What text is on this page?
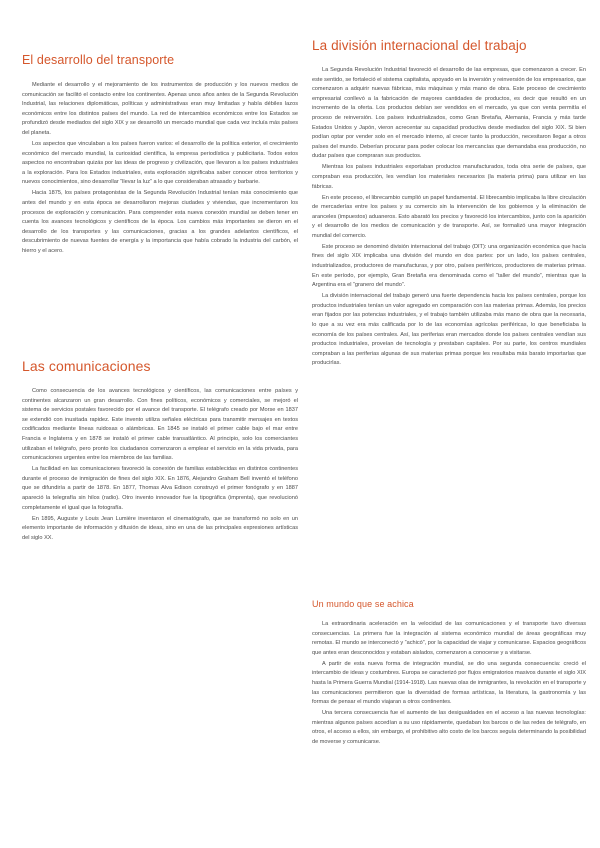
El desarrollo del transporte

Mediante el desarrollo y el mejoramiento de los instrumentos de producción y los nuevos medios de comunicación se facilitó el contacto entre los continentes. Apenas unos años antes de la Segunda Revolución Industrial, las relaciones diplomáticas, políticas y administrativas eran muy limitadas y había débiles lazos económicos entre los distintos países del mundo. La red de intercambios económicos entre los Estados se profundizó desde mediados del siglo XIX y se desarrolló un mercado mundial que cada vez incluía más países del planeta.

Los aspectos que vinculaban a los países fueron varios: el desarrollo de la política exterior, el crecimiento económico del mercado mundial, la curiosidad científica, la empresa periodística y publicitaria. Todos estos aspectos no encontraban quizás por las ideas de progreso y civilización, que llevaron a los países industriales a la exploración. Para los Estados industriales, esta exploración significaba saber conocer otros territorios y nuevos conocimientos, sino desarrollar “llevar la luz” a lo que consideraban atrasado y barbarie.

Hacia 1875, los países protagonistas de la Segunda Revolución Industrial tenían más conocimiento que antes del mundo y en esta época se desarrollaron mejoras ciudades y viviendas, que incrementaron los procesos de exploración y comunicación. Para comprender esta nueva conexión mundial se deben tener en cuenta los avances tecnológicos y científicos de la época. Los cambios más importantes se dieron en el desarrollo de los transportes y las comunicaciones, gracias a los grandes adelantos científicos, el descubrimiento de nuevas fuentes de energía y la importancia que había cobrado la industria del carbón, el hierro y el acero.

Las comunicaciones

Como consecuencia de los avances tecnológicos y científicos, las comunicaciones entre países y continentes alcanzaron un gran desarrollo. Con fines políticos, económicos y comerciales, se mejoró el sistema de servicios postales favorecido por el avance del transporte. El telégrafo creado por Morse en 1837 se extendió con inusitada rapidez. Este invento utiliza señales eléctricas para transmitir mensajes en textos codificados mediante líneas ruidosas o alámbricas. En 1845 se instaló el primer cable bajo el mar entre Francia e Inglaterra y en 1878 se instaló el primer cable transatlántico. Al principio, solo los comerciantes utilizaban el telégrafo, pero pronto los ciudadanos comenzaron a emplear el servicio en la vida privada, para comunicaciones urgentes entre los miembros de las familias.

La facilidad en las comunicaciones favoreció la conexión de familias establecidas en distintos continentes durante el proceso de inmigración de fines del siglo XIX. En 1876, Alejandro Graham Bell inventó el teléfono que se difundiría a partir de 1878. En 1877, Thomas Alva Edison construyó el primer fonógrafo y en 1887 apareció la telegrafía sin hilos (radio). Otro invento innovador fue la tipográfica (imprenta), que revolucionó completamente el igual que la fotografía.

En 1895, Auguste y Louis Jean Lumière inventaron el cinematógrafo, que se transformó no solo en un elemento importante de información y difusión de ideas, sino en una de las principales expresiones artísticas del siglo XX.

La división internacional del trabajo

La Segunda Revolución Industrial favoreció el desarrollo de las empresas, que comenzaron a crecer. En este sentido, se fortaleció el sistema capitalista, apoyado en la inversión y reinversión de los empresarios, que comenzaron a adquirir nuevas fábricas, más máquinas y más mano de obra. Este proceso de crecimiento empresarial conllevó a la fabricación de mayores cantidades de productos, es decir que resultó en un incremento de la oferta. Los productos debían ser vendidos en el mercado, ya que con venta permitía el proceso de reinversión. Los países industrializados, como Gran Bretaña, Alemania, Francia y más tarde Estados Unidos y Japón, vieron acrecentar su capacidad productiva desde mediados del siglo XIX. Si bien podían optar por vender solo en el mercado interno, al crecer tanto la producción, necesitaron llegar a otros países del mundo. Deberían procurar para poder colocar los mercancías que demandaba esa producción, no dudar países que compraran sus productos.

Mientras los países industriales exportaban productos manufacturados, toda otra serie de países, que compraban esa producción, les vendían los materiales necesarios (la materia prima) para utilizar en las fábricas.

En este proceso, el librecambio cumplió un papel fundamental. El librecambio implicaba la libre circulación de mercaderías entre los países y su comercio sin la intervención de los gobiernos y la eliminación de aranceles (impuestos) aduaneros. Esto abarató los precios y favoreció los intercambios, junto con la aparición y el desarrollo de los medios de comunicación y de transporte. Así, se formalizó una mayor integración mundial del comercio.

Este proceso se denominó división internacional del trabajo (DIT): una organización económica que hacía fines del siglo XIX implicaba una división del mundo en dos partes: por un lado, los países centrales, industrializados, productores de manufacturas, y por otro, países periféricos, productores de materias primas. En este período, por ejemplo, Gran Bretaña era denominada como el “taller del mundo”, mientras que la Argentina era el “granero del mundo”.

La división internacional del trabajo generó una fuerte dependencia hacia los países centrales, porque los productos industriales tenían un valor agregado en comparación con las materias primas. Además, los precios eran fijados por las potencias industriales, y el trabajo también utilizaba más mano de obra que la necesaria, lo que a su vez era más calificada por lo de las economías agrícolas periféricas, lo que beneficiaba la economía de los países centrales. Así, las periferias eran mercados donde los países centrales vendían sus productos industriales, proveían de tecnología y prestaban capitales. Por su parte, los centros mundiales compraban a las periferias algunas de sus materias primas porque les resultaba más barato importarlas que producirlas.

Un mundo que se achica

La extraordinaria aceleración en la velocidad de las comunicaciones y el transporte tuvo diversas consecuencias. La primera fue la integración al sistema económico mundial de áreas geográficas muy remotas. El mundo se interconectó y “achicó”, por la capacidad de viajar y comunicarse. Espacios geográficos que antes eran desconocidos y estaban aislados, comenzaron a conocerse y a visitarse.

A partir de esta nueva forma de integración mundial, se dio una segunda consecuencia: creció el intercambio de ideas y costumbres. Europa se caracterizó por flujos emigratorios masivos durante el siglo XIX hasta la Primera Guerra Mundial (1914-1918). Las nuevas olas de inmigrantes, la revolución en el transporte y las comunicaciones permitieron que la diversidad de formas artísticas, la literatura, la gastronomía y las formas de pensar el mundo viajaran a otros continentes.

Una tercera consecuencia fue el aumento de las desigualdades en el acceso a las nuevas tecnologías: mientras algunos países accedían a su uso rápidamente, quedaban los barcos o de las redes de telégrafo, en otros, el acceso a ellos, sin embargo, el prohibitivo alto costo de los barcos seguía determinando la posibilidad de moverse y comunicarse.
